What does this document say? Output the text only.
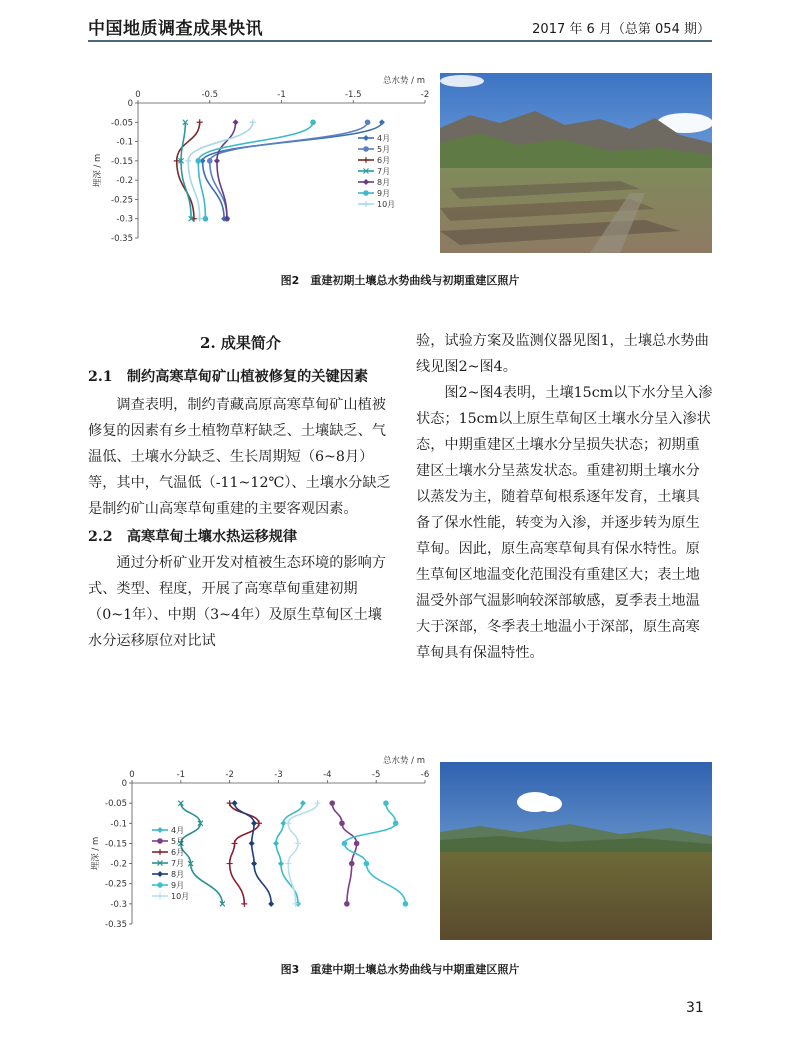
中国地质调查成果快讯	2017 年 6 月（总第 054 期）
0	-0.5	-1	-1.5	-2
0
-0.05
-0.1
-0.15
-0.2
-0.25
-0.3
-0.35
总水势 / m
埋深 / m
4月
5月
6月
7月
8月
9月
10月
图2　重建初期土壤总水势曲线与初期重建区照片
2. 成果简介
2.1　制约高寒草甸矿山植被修复的关键因素

调查表明，制约青藏高原高寒草甸矿山植被修复的因素有乡土植物草籽缺乏、土壤缺乏、气温低、土壤水分缺乏、生长周期短（6~8月）等，其中，气温低（-11~12℃）、土壤水分缺乏是制约矿山高寒草甸重建的主要客观因素。

2.2　高寒草甸土壤水热运移规律

通过分析矿业开发对植被生态环境的影响方式、类型、程度，开展了高寒草甸重建初期（0~1年）、中期（3~4年）及原生草甸区土壤水分运移原位对比试

验，试验方案及监测仪器见图1，土壤总水势曲线见图2~图4。

图2~图4表明，土壤15cm以下水分呈入渗状态；15cm以上原生草甸区土壤水分呈入渗状态，中期重建区土壤水分呈损失状态；初期重建区土壤水分呈蒸发状态。重建初期土壤水分以蒸发为主，随着草甸根系逐年发育，土壤具备了保水性能，转变为入渗，并逐步转为原生草甸。因此，原生高寒草甸具有保水特性。原生草甸区地温变化范围没有重建区大；表土地温受外部气温影响较深部敏感，夏季表土地温大于深部，冬季表土地温小于深部，原生高寒草甸具有保温特性。

0	-1	-2	-3	-4	-5	-6
0
-0.05
-0.1
-0.15
-0.2
-0.25
-0.3
-0.35
总水势 / m
埋深 / m
4月
5月
6月
7月
8月
9月
10月
图3　重建中期土壤总水势曲线与中期重建区照片
31
